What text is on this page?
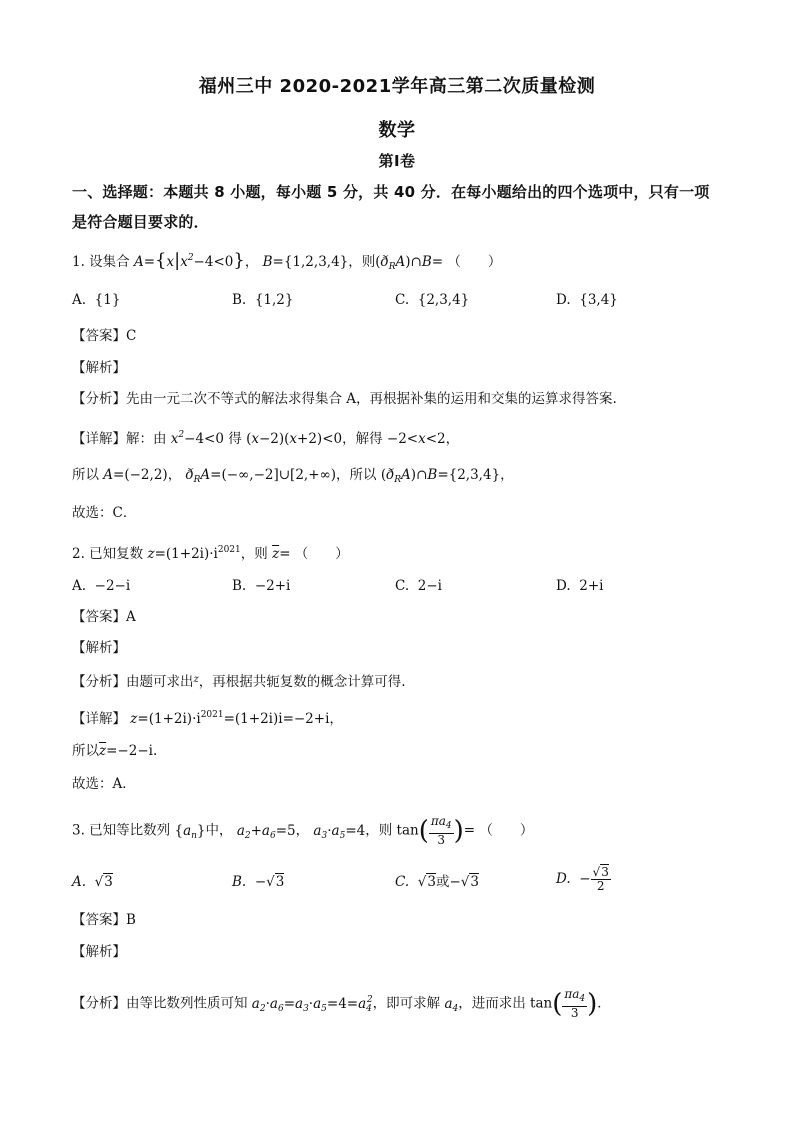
福州三中 2020-2021学年高三第二次质量检测
数学
第Ⅰ卷
一、选择题：本题共 8 小题，每小题 5 分，共 40 分．在每小题给出的四个选项中，只有一项
是符合题目要求的．
1. 设集合 $A=\{x|x^2-4<0\}$， B={1,2,3,4}，则$(ð_RA)\cap B=$ （　　）
A. {1}	B. {1,2}	C. {2,3,4}	D. {3,4}
【答案】C
【解析】
【分析】先由一元二次不等式的解法求得集合 A，再根据补集的运用和交集的运算求得答案.
【详解】解：由 $x^2-4<0$ 得 (x−2)(x+2)<0，解得 −2<x<2，
所以 A=(−2,2)， $ð_RA=(-\infty,-2]\cup[2,+\infty)$，所以 $(ð_RA)\cap B=\{2,3,4\}$，
故选：C．
2. 已知复数 $z=(1+2i)\cdot i^{2021}$，则 $\overline{z}=$ （　　）
A. −2−i	B. −2+i	C. 2−i	D. 2+i
【答案】A
【解析】
【分析】由题可求出$^z$，再根据共轭复数的概念计算可得.
【详解】 $z=(1+2i)\cdot i^{2021}=(1+2i)i=-2+i$，
所以$\overline{z}=-2-i$.
故选：A．
3. 已知等比数列 $\{a_n\}$中， $a_2+a_6=5$， $a_3\cdot a_5=4$，则 $\tan( \frac{\pi a_4}{3}$ )= （　　）
A. √3	B. −√3	C. √3或−√3	D. − $\frac{√3}{2}$
【答案】B
【解析】
【分析】由等比数列性质可知 $a_2\cdot a_6=a_3\cdot a_5=4=a_4^2$，即可求解 $a_4$，进而求出 $\tan( \frac{\pi a_4}{3}$ )．
